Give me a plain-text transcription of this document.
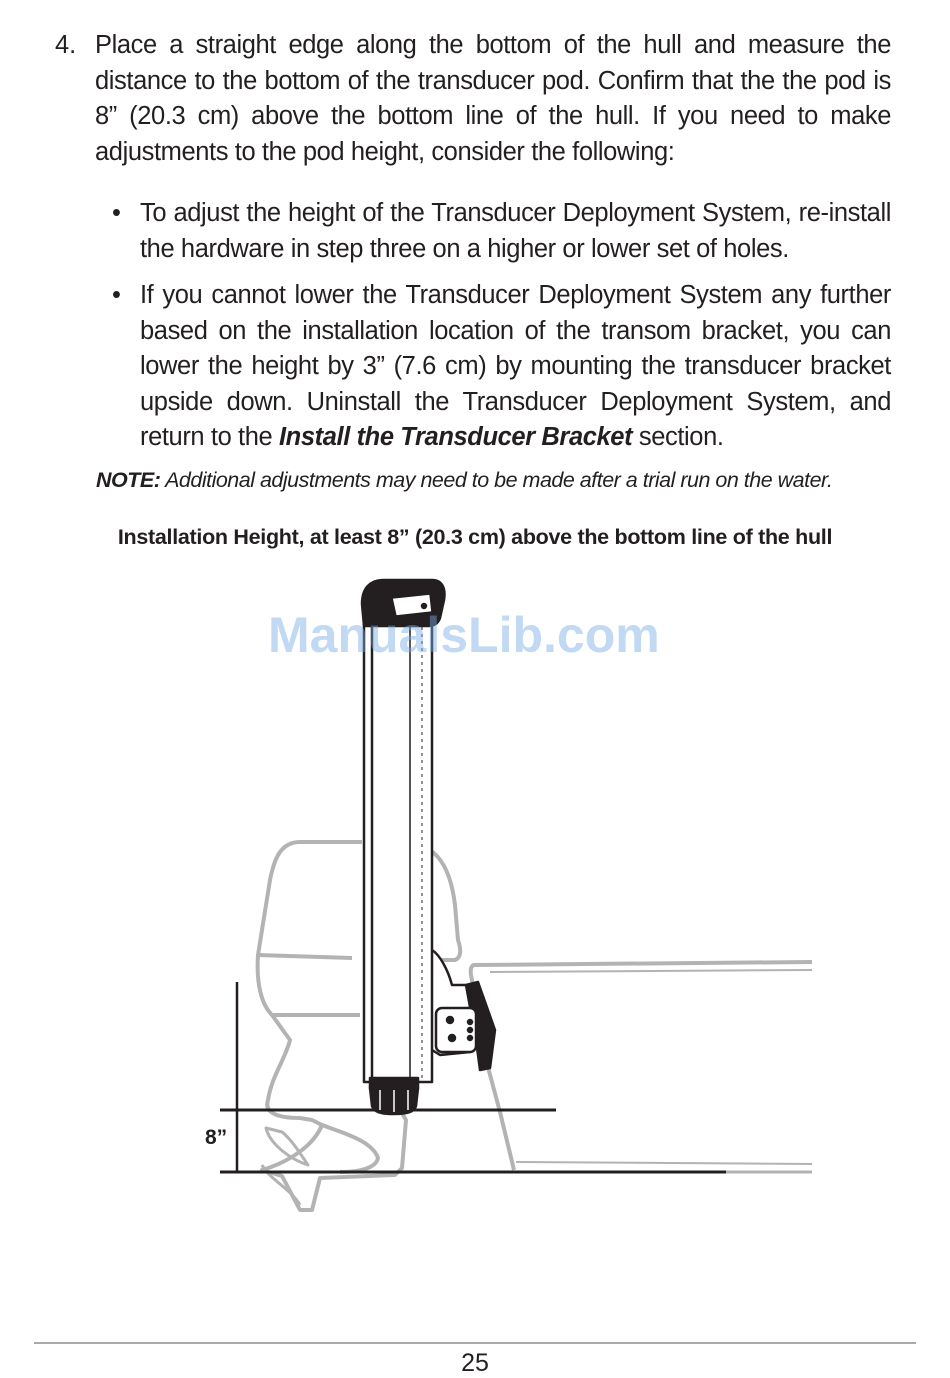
4. Place a straight edge along the bottom of the hull and measure the distance to the bottom of the transducer pod. Confirm that the the pod is 8” (20.3 cm) above the bottom line of the hull. If you need to make adjustments to the pod height, consider the following:
• To adjust the height of the Transducer Deployment System, re-install the hardware in step three on a higher or lower set of holes.
• If you cannot lower the Transducer Deployment System any further based on the installation location of the transom bracket, you can lower the height by 3” (7.6 cm) by mounting the transducer bracket upside down. Uninstall the Transducer Deployment System, and return to the Install the Transducer Bracket section.
NOTE: Additional adjustments may need to be made after a trial run on the water.
Installation Height, at least 8” (20.3 cm) above the bottom line of the hull
8”
ManualsLib.com
25
